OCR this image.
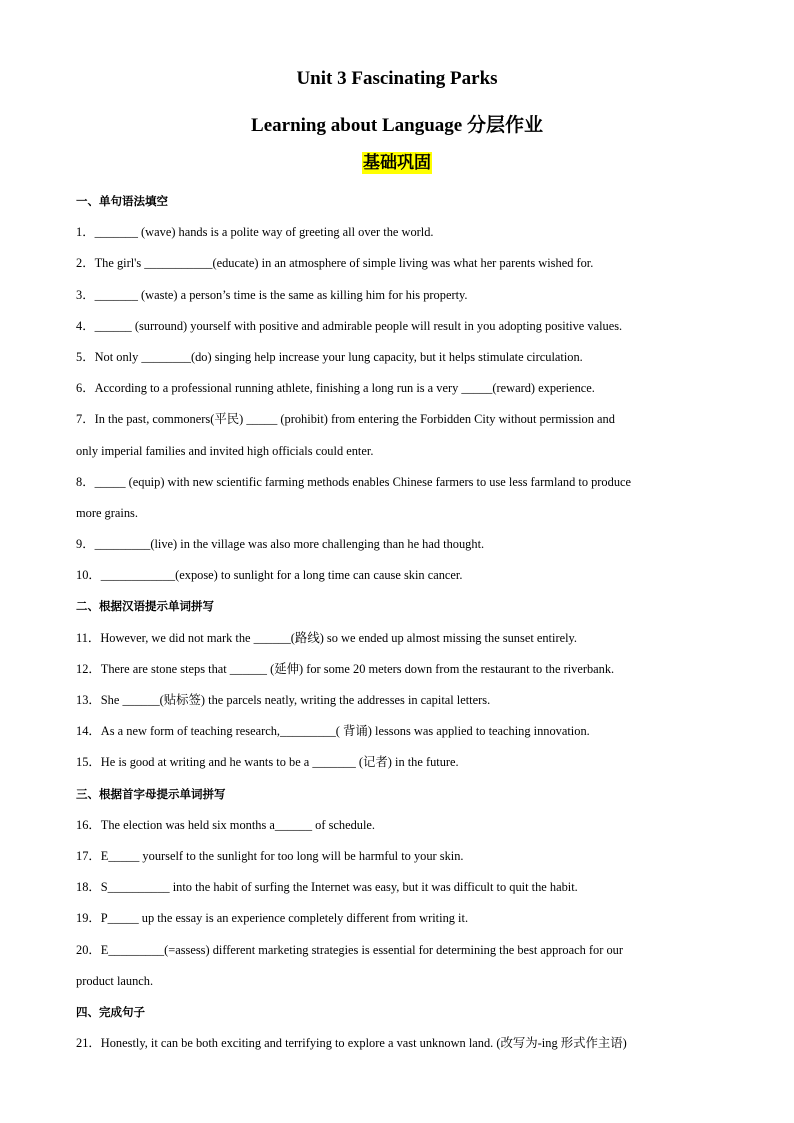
Unit 3 Fascinating Parks
Learning about Language 分层作业
基础巩固
一、单句语法填空
1．_______ (wave) hands is a polite way of greeting all over the world.
2．The girl's ___________(educate) in an atmosphere of simple living was what her parents wished for.
3．_______ (waste) a person’s time is the same as killing him for his property.
4．______ (surround) yourself with positive and admirable people will result in you adopting positive values.
5．Not only ________(do) singing help increase your lung capacity, but it helps stimulate circulation.
6．According to a professional running athlete, finishing a long run is a very _____(reward) experience.
7．In the past, commoners(平民) _____ (prohibit) from entering the Forbidden City without permission and
only imperial families and invited high officials could enter.
8．_____ (equip) with new scientific farming methods enables Chinese farmers to use less farmland to produce
more grains.
9．_________(live) in the village was also more challenging than he had thought.
10．____________(expose) to sunlight for a long time can cause skin cancer.
二、根据汉语提示单词拼写
11．However, we did not mark the ______(路线) so we ended up almost missing the sunset entirely.
12．There are stone steps that ______ (延伸) for some 20 meters down from the restaurant to the riverbank.
13．She ______(贴标签) the parcels neatly, writing the addresses in capital letters.
14．As a new form of teaching research,_________( 背诵) lessons was applied to teaching innovation.
15．He is good at writing and he wants to be a _______ (记者) in the future.
三、根据首字母提示单词拼写
16．The election was held six months a______ of schedule.
17．E_____ yourself to the sunlight for too long will be harmful to your skin.
18．S__________ into the habit of surfing the Internet was easy, but it was difficult to quit the habit.
19．P_____ up the essay is an experience completely different from writing it.
20．E_________(=assess) different marketing strategies is essential for determining the best approach for our
product launch.
四、完成句子
21．Honestly, it can be both exciting and terrifying to explore a vast unknown land. (改写为-ing 形式作主语)
